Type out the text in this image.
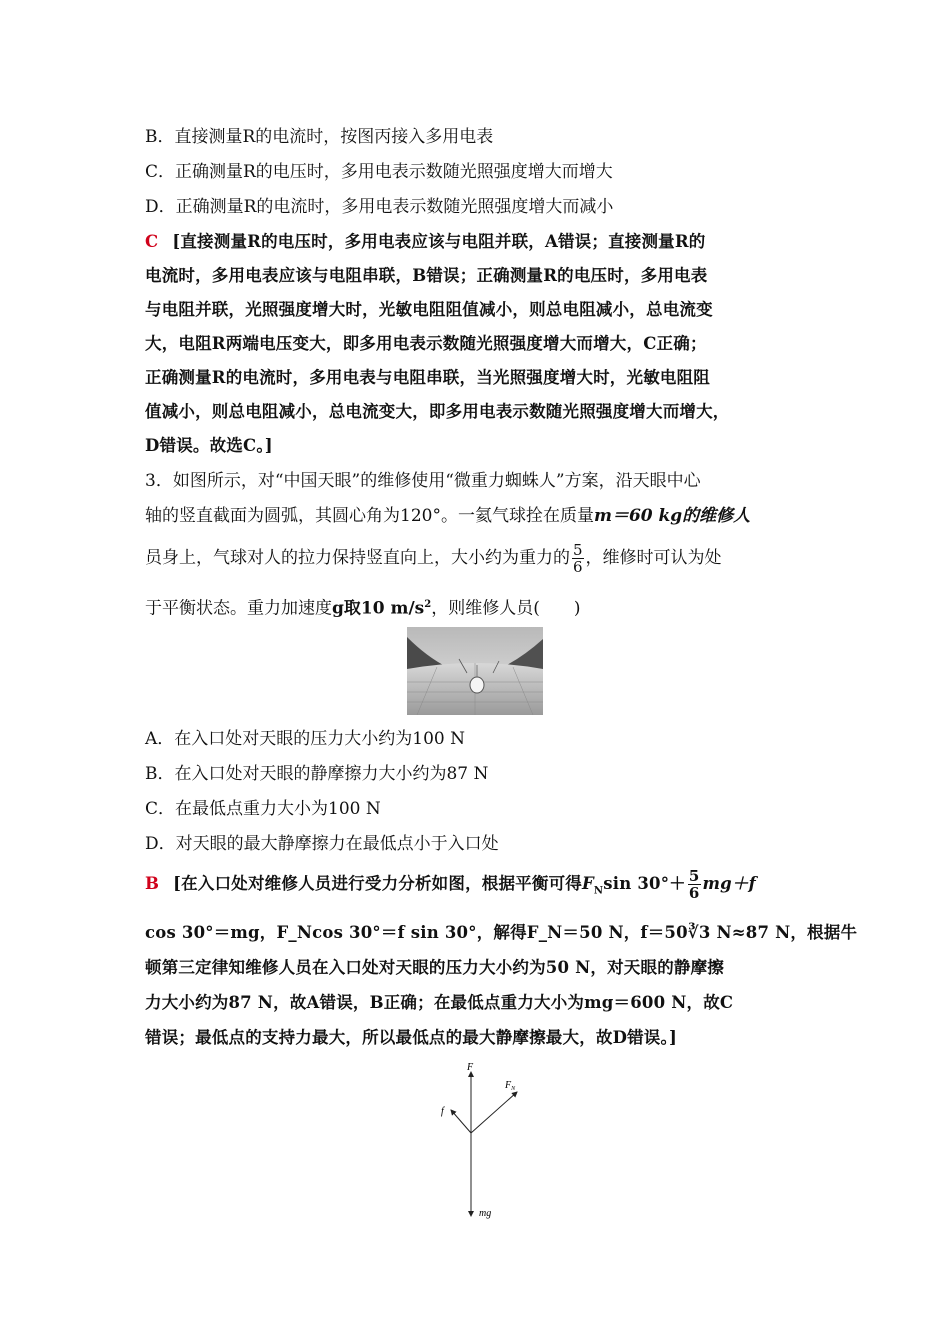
B．直接测量R的电流时，按图丙接入多用电表
C．正确测量R的电压时，多用电表示数随光照强度增大而增大
D．正确测量R的电流时，多用电表示数随光照强度增大而减小
C [直接测量R的电压时，多用电表应该与电阻并联，A错误；直接测量R的
电流时，多用电表应该与电阻串联，B错误；正确测量R的电压时，多用电表
与电阻并联，光照强度增大时，光敏电阻阻值减小，则总电阻减小，总电流变
大，电阻R两端电压变大，即多用电表示数随光照强度增大而增大，C正确；
正确测量R的电流时，多用电表与电阻串联，当光照强度增大时，光敏电阻阻
值减小，则总电阻减小，总电流变大，即多用电表示数随光照强度增大而增大，
D错误。故选C。]
3．如图所示，对“中国天眼”的维修使用“微重力蜘蛛人”方案，沿天眼中心
轴的竖直截面为圆弧，其圆心角为120°。一氦气球拴在质量m＝60 kg的维修人
员身上，气球对人的拉力保持竖直向上，大小约为重力的 $\frac{5}{6}$ ，维修时可认为处
于平衡状态。重力加速度g取10 $m/s^2$，则维修人员(　　)
A．在入口处对天眼的压力大小约为100 N
B．在入口处对天眼的静摩擦力大小约为87 N
C．在最低点重力大小为100 N
D．对天眼的最大静摩擦力在最低点小于入口处
B [在入口处对维修人员进行受力分析如图，根据平衡可得$F_N\sin$ $30^\circ+ \frac{5}{6} mg+f$
cos 30°＝mg，F_Ncos 30°＝f sin 30°，解得F_N＝50 N，f＝50∛3 N≈87 N，根据牛
顿第三定律知维修人员在入口处对天眼的压力大小约为50 N，对天眼的静摩擦
力大小约为87 N，故A错误，B正确；在最低点重力大小为mg＝600 N，故C
错误；最低点的支持力最大，所以最低点的最大静摩擦最大，故D错误。]
F
$F_N$
f
mg
